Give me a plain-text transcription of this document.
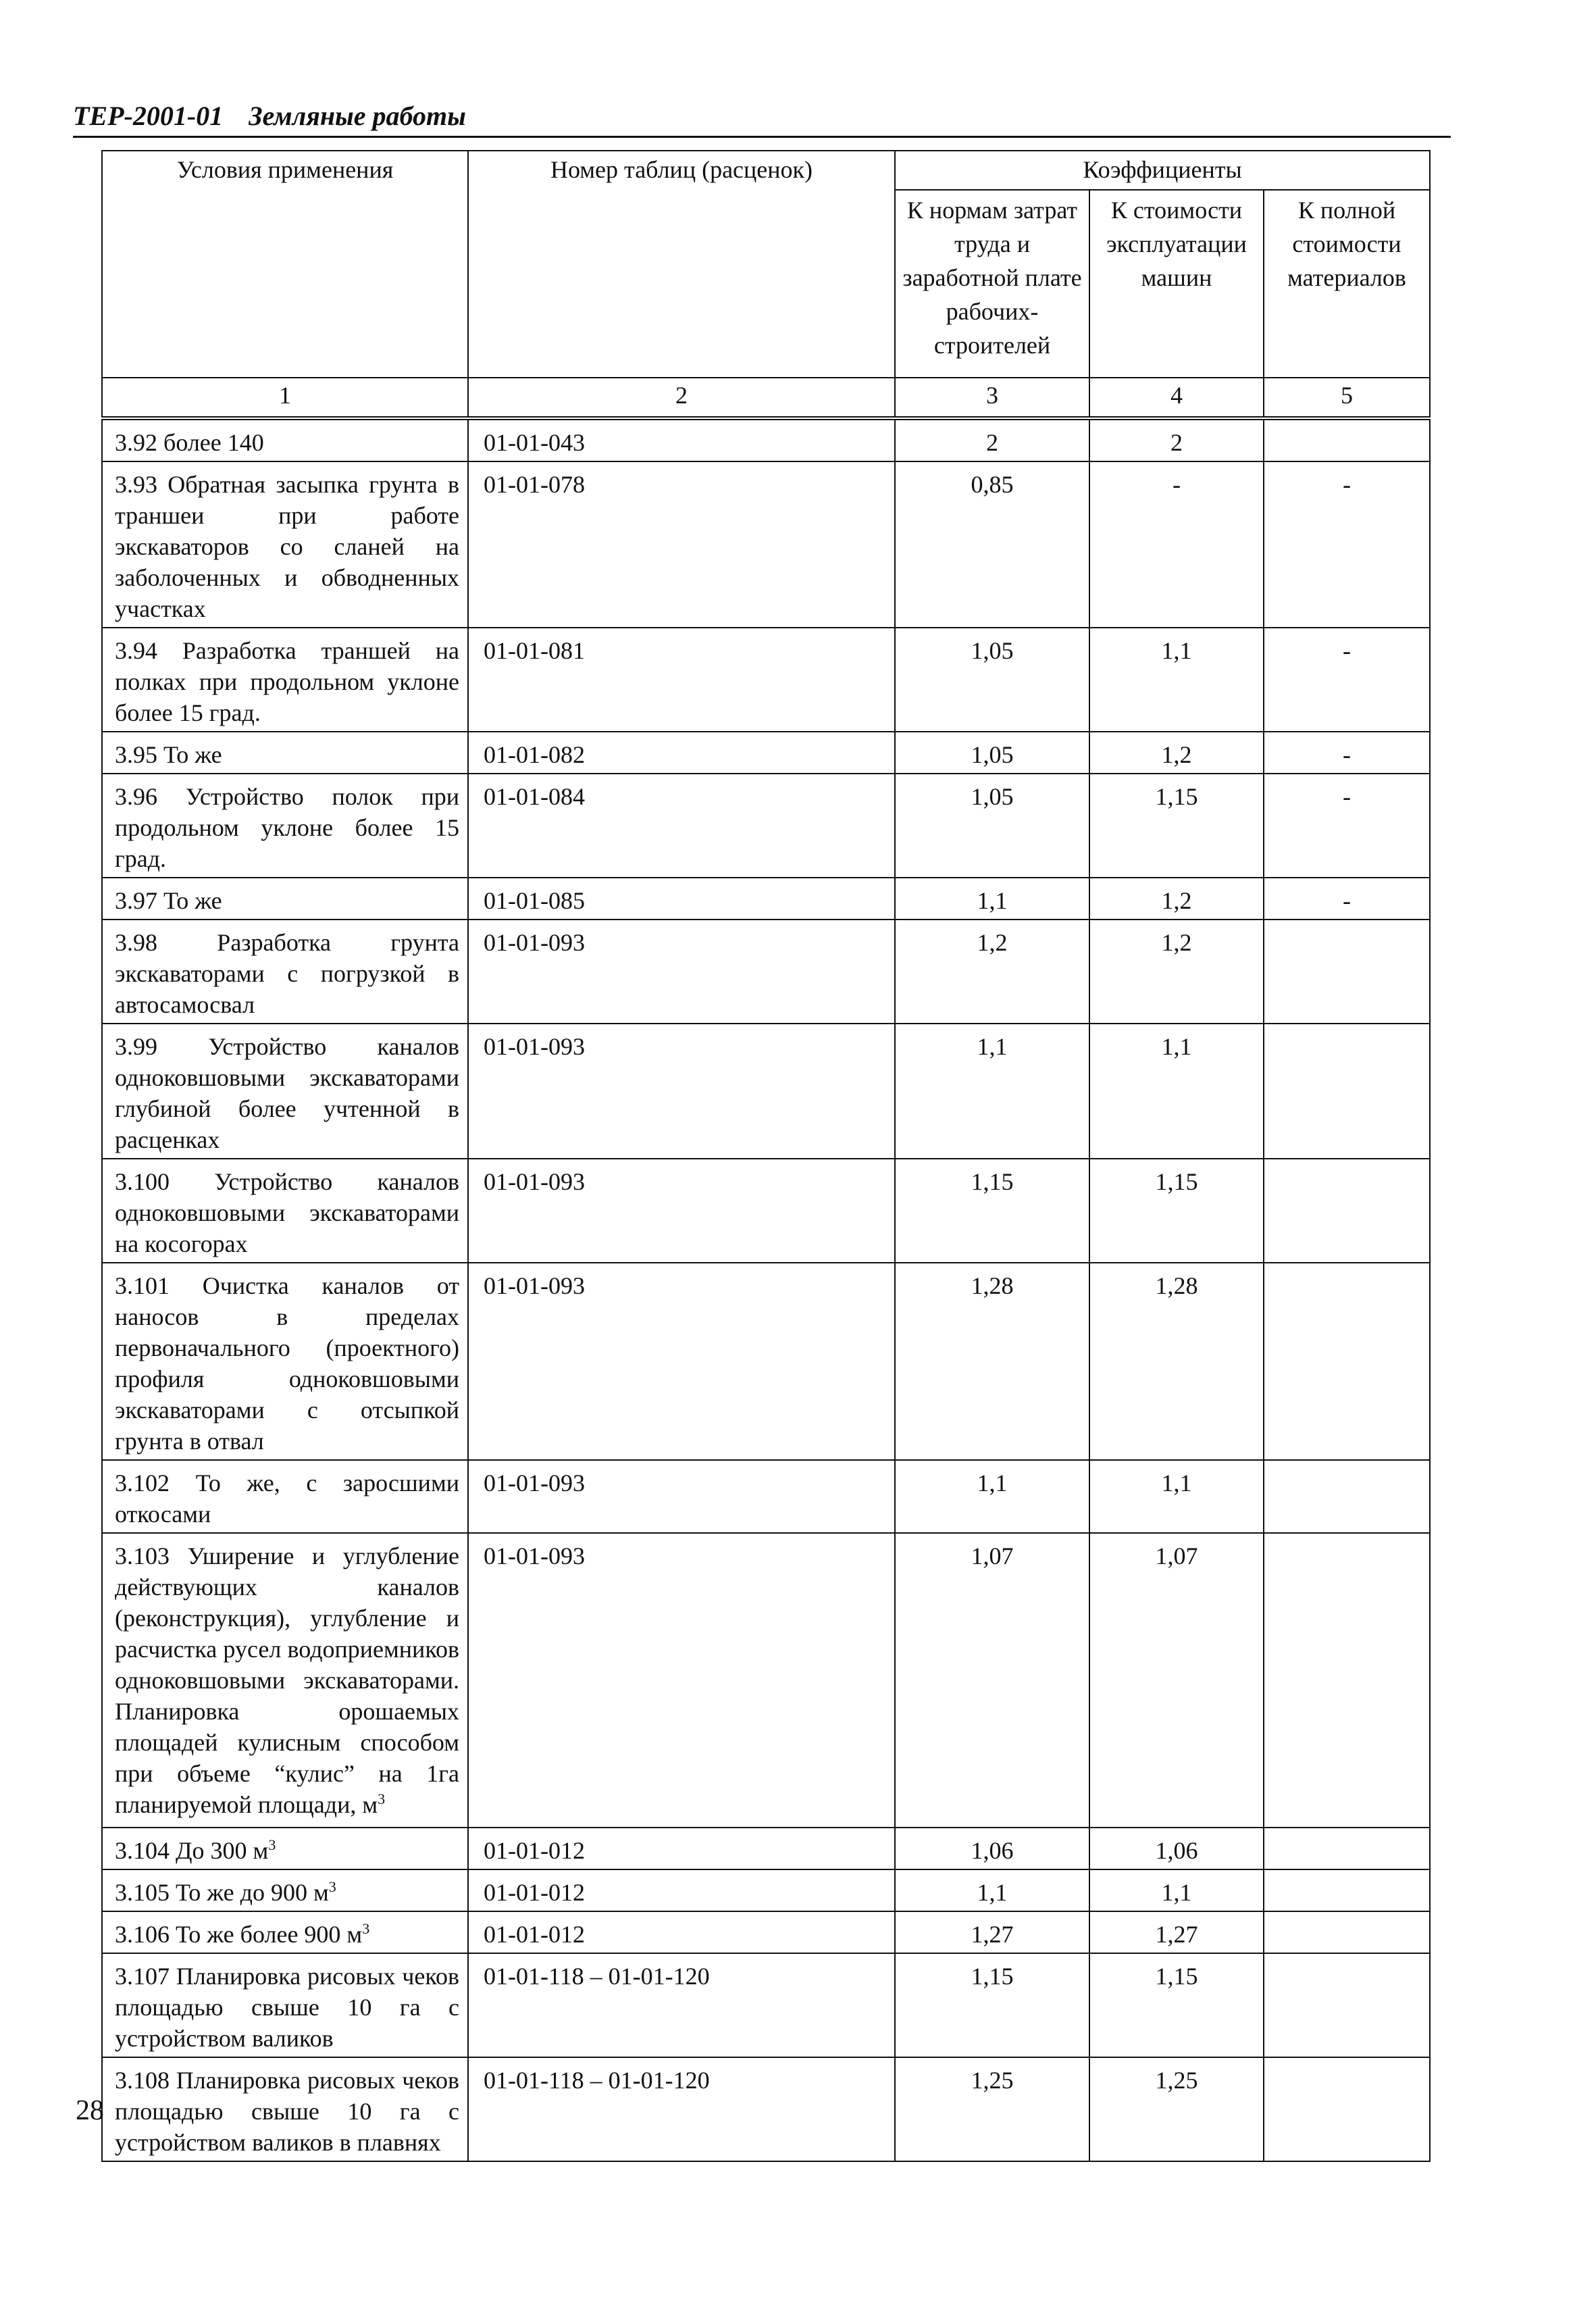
ТЕР-2001-01 Земляные работы
Условия применения	Номер таблиц (расценок)	Коэффициенты		
		К нормам затрат труда и заработной плате рабочих-строителей	К стоимости эксплуатации машин	К полной стоимости материалов
1	2	3	4	5
3.92 более 140	01-01-043	2	2	
3.93 Обратная засыпка грунта в траншеи при работе экскаваторов со сланей на заболоченных и обводненных участках	01-01-078	0,85	-	-
3.94 Разработка траншей на полках при продольном уклоне более 15 град.	01-01-081	1,05	1,1	-
3.95 То же	01-01-082	1,05	1,2	-
3.96 Устройство полок при продольном уклоне более 15 град.	01-01-084	1,05	1,15	-
3.97 То же	01-01-085	1,1	1,2	-
3.98 Разработка грунта экскаваторами с погрузкой в автосамосвал	01-01-093	1,2	1,2	
3.99 Устройство каналов одноковшовыми экскаваторами глубиной более учтенной в расценках	01-01-093	1,1	1,1	
3.100 Устройство каналов одноковшовыми экскаваторами на косогорах	01-01-093	1,15	1,15	
3.101 Очистка каналов от наносов в пределах первоначального (проектного) профиля одноковшовыми экскаваторами с отсыпкой грунта в отвал	01-01-093	1,28	1,28	
3.102 То же, с заросшими откосами	01-01-093	1,1	1,1	
3.103 Уширение и углубление действующих каналов (реконструкция), углубление и расчистка русел водоприемников одноковшовыми экскаваторами. Планировка орошаемых площадей кулисным способом при объеме “кулис” на 1га планируемой площади, $м^3$	01-01-093	1,07	1,07	
3.104 До 300 $м^3$	01-01-012	1,06	1,06	
3.105 То же до 900 $м^3$	01-01-012	1,1	1,1	
3.106 То же более 900 $м^3$	01-01-012	1,27	1,27	
3.107 Планировка рисовых чеков площадью свыше 10 га с устройством валиков	01-01-118 – 01-01-120	1,15	1,15	
3.108 Планировка рисовых чеков площадью свыше 10 га с устройством валиков в плавнях	01-01-118 – 01-01-120	1,25	1,25	
28
